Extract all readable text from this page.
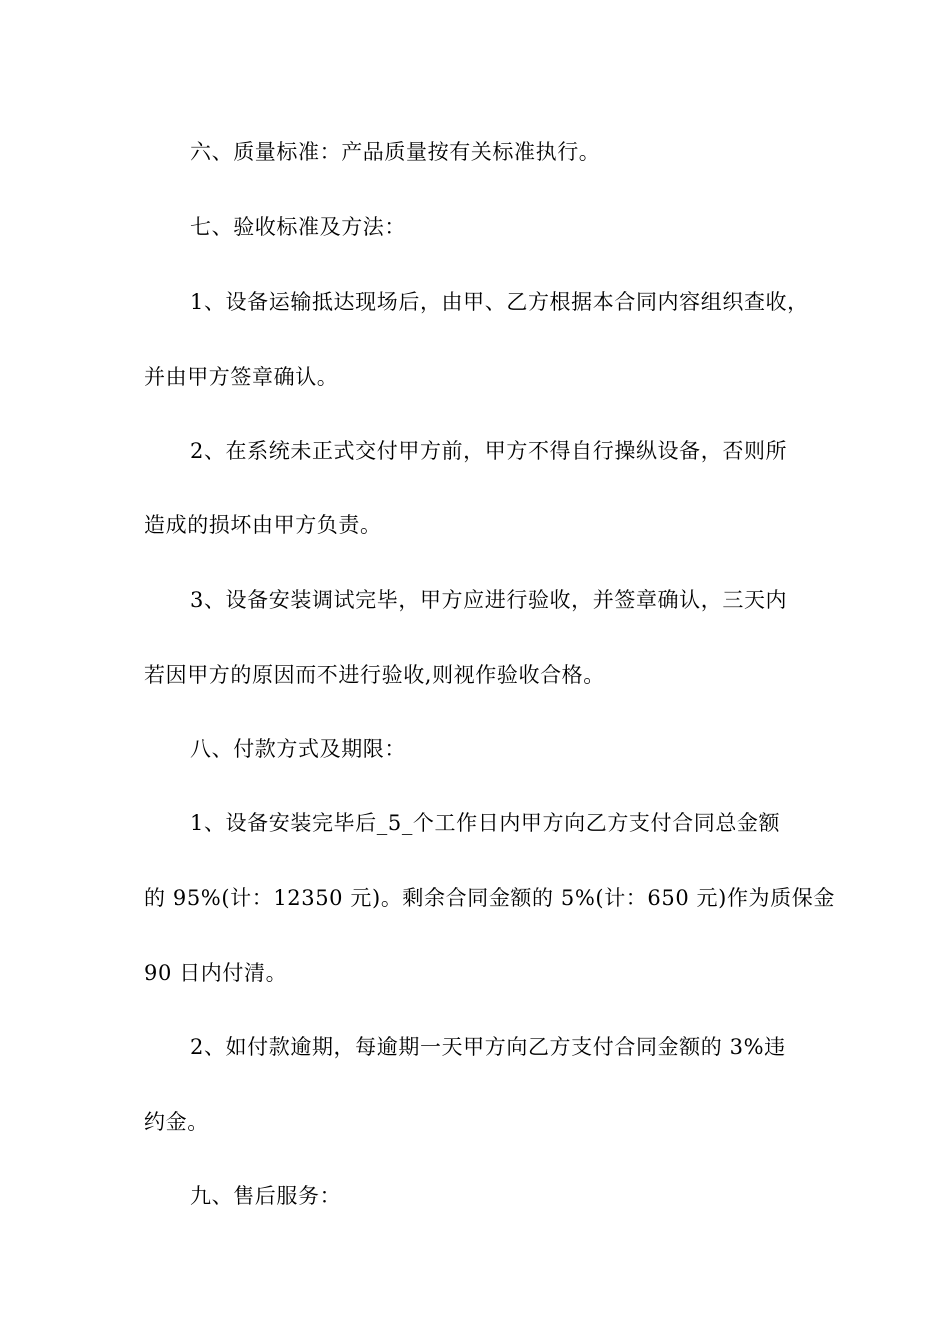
六、质量标准：产品质量按有关标准执行。
七、验收标准及方法：
1、设备运输抵达现场后，由甲、乙方根据本合同内容组织查收，
并由甲方签章确认。
2、在系统未正式交付甲方前，甲方不得自行操纵设备，否则所
造成的损坏由甲方负责。
3、设备安装调试完毕，甲方应进行验收，并签章确认，三天内
若因甲方的原因而不进行验收,则视作验收合格。
八、付款方式及期限：
1、设备安装完毕后_5_个工作日内甲方向乙方支付合同总金额
的 95%(计：12350 元)。剩余合同金额的 5%(计：650 元)作为质保金
90 日内付清。
2、如付款逾期，每逾期一天甲方向乙方支付合同金额的 3%违
约金。
九、售后服务：
